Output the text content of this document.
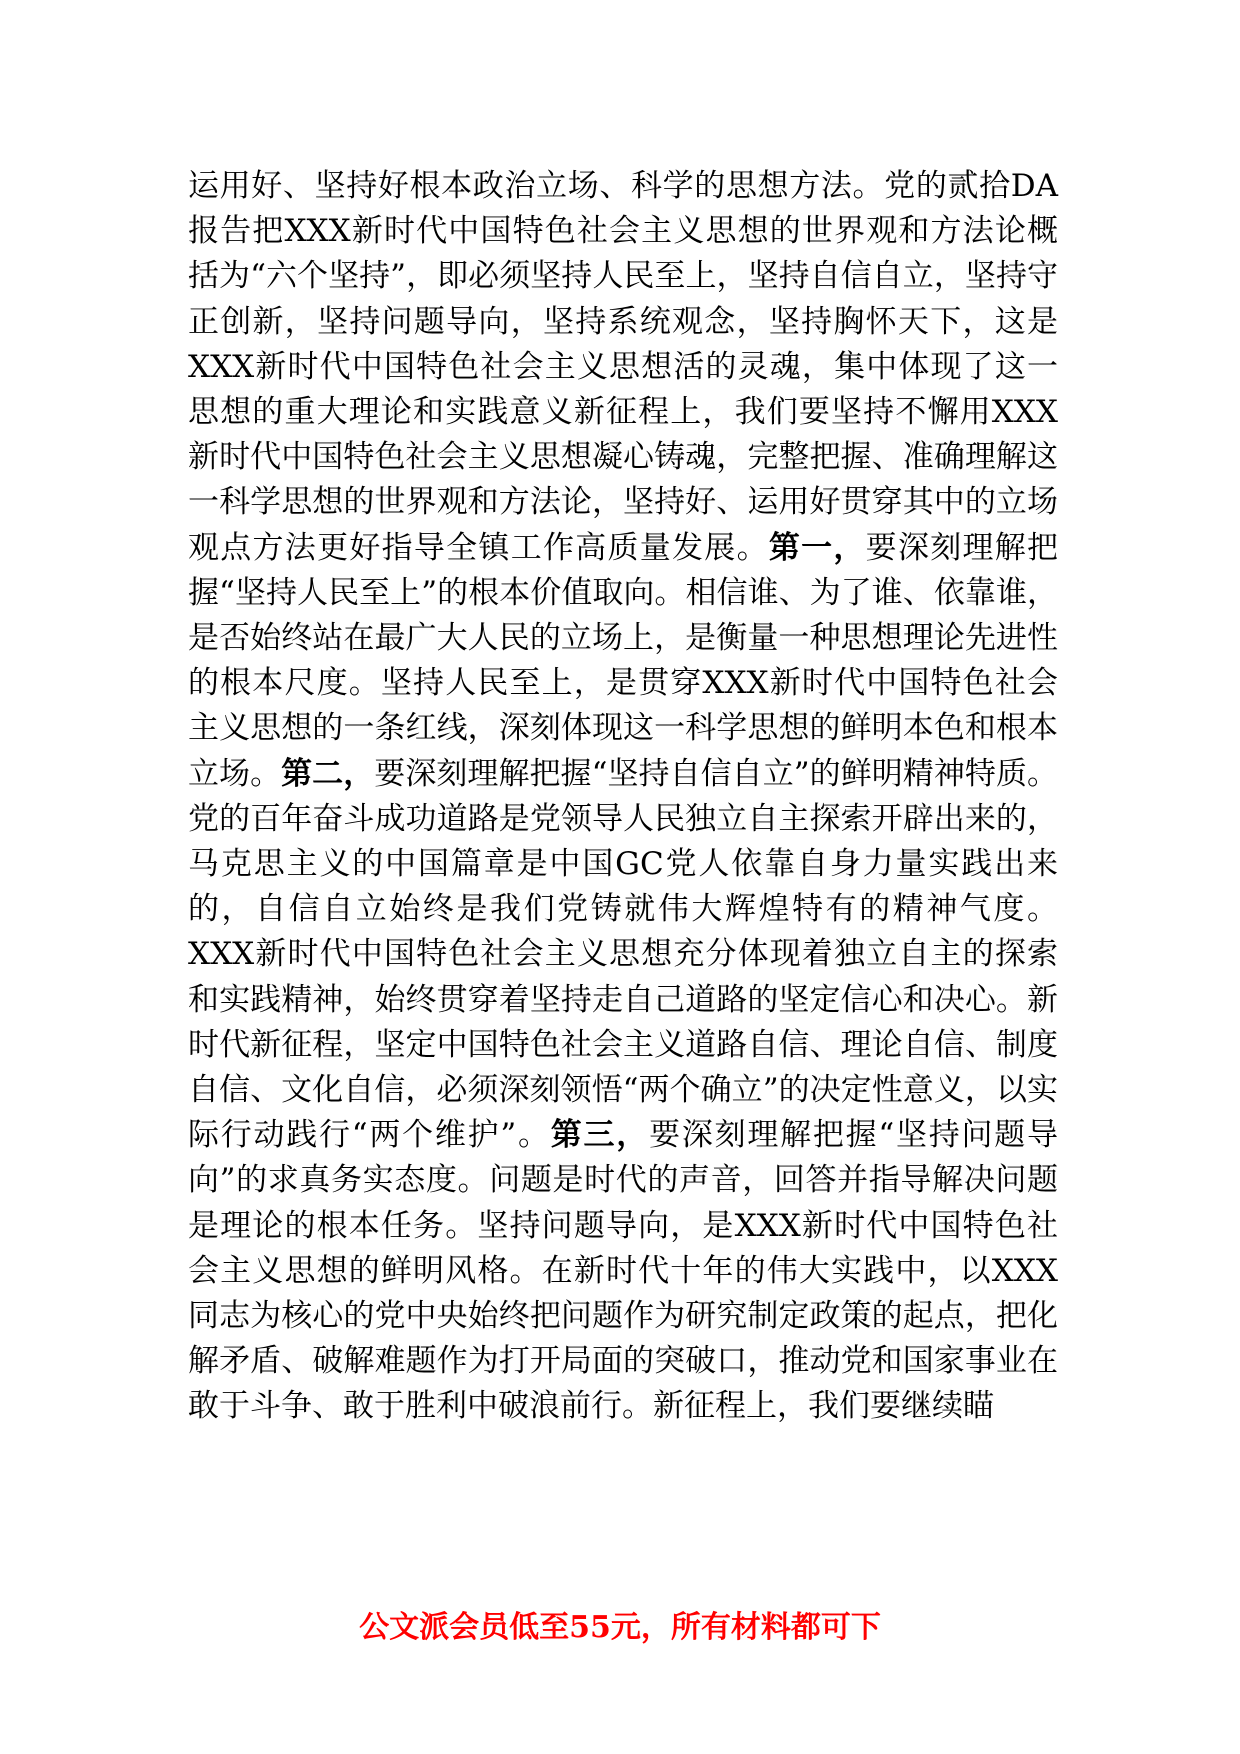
运用好、坚持好根本政治立场、科学的思想方法。党的贰拾DA报告把XXX新时代中国特色社会主义思想的世界观和方法论概括为“六个坚持”，即必须坚持人民至上，坚持自信自立，坚持守正创新，坚持问题导向，坚持系统观念，坚持胸怀天下，这是XXX新时代中国特色社会主义思想活的灵魂，集中体现了这一思想的重大理论和实践意义新征程上，我们要坚持不懈用XXX新时代中国特色社会主义思想凝心铸魂，完整把握、准确理解这一科学思想的世界观和方法论，坚持好、运用好贯穿其中的立场观点方法更好指导全镇工作高质量发展。第一，要深刻理解把握“坚持人民至上”的根本价值取向。相信谁、为了谁、依靠谁，是否始终站在最广大人民的立场上，是衡量一种思想理论先进性的根本尺度。坚持人民至上，是贯穿XXX新时代中国特色社会主义思想的一条红线，深刻体现这一科学思想的鲜明本色和根本立场。第二，要深刻理解把握“坚持自信自立”的鲜明精神特质。党的百年奋斗成功道路是党领导人民独立自主探索开辟出来的，马克思主义的中国篇章是中国GC党人依靠自身力量实践出来的，自信自立始终是我们党铸就伟大辉煌特有的精神气度。XXX新时代中国特色社会主义思想充分体现着独立自主的探索和实践精神，始终贯穿着坚持走自己道路的坚定信心和决心。新时代新征程，坚定中国特色社会主义道路自信、理论自信、制度自信、文化自信，必须深刻领悟“两个确立”的决定性意义，以实际行动践行“两个维护”。第三，要深刻理解把握“坚持问题导向”的求真务实态度。问题是时代的声音，回答并指导解决问题是理论的根本任务。坚持问题导向，是XXX新时代中国特色社会主义思想的鲜明风格。在新时代十年的伟大实践中，以XXX同志为核心的党中央始终把问题作为研究制定政策的起点，把化解矛盾、破解难题作为打开局面的突破口，推动党和国家事业在敢于斗争、敢于胜利中破浪前行。新征程上，我们要继续瞄

公文派会员低至55元，所有材料都可下
